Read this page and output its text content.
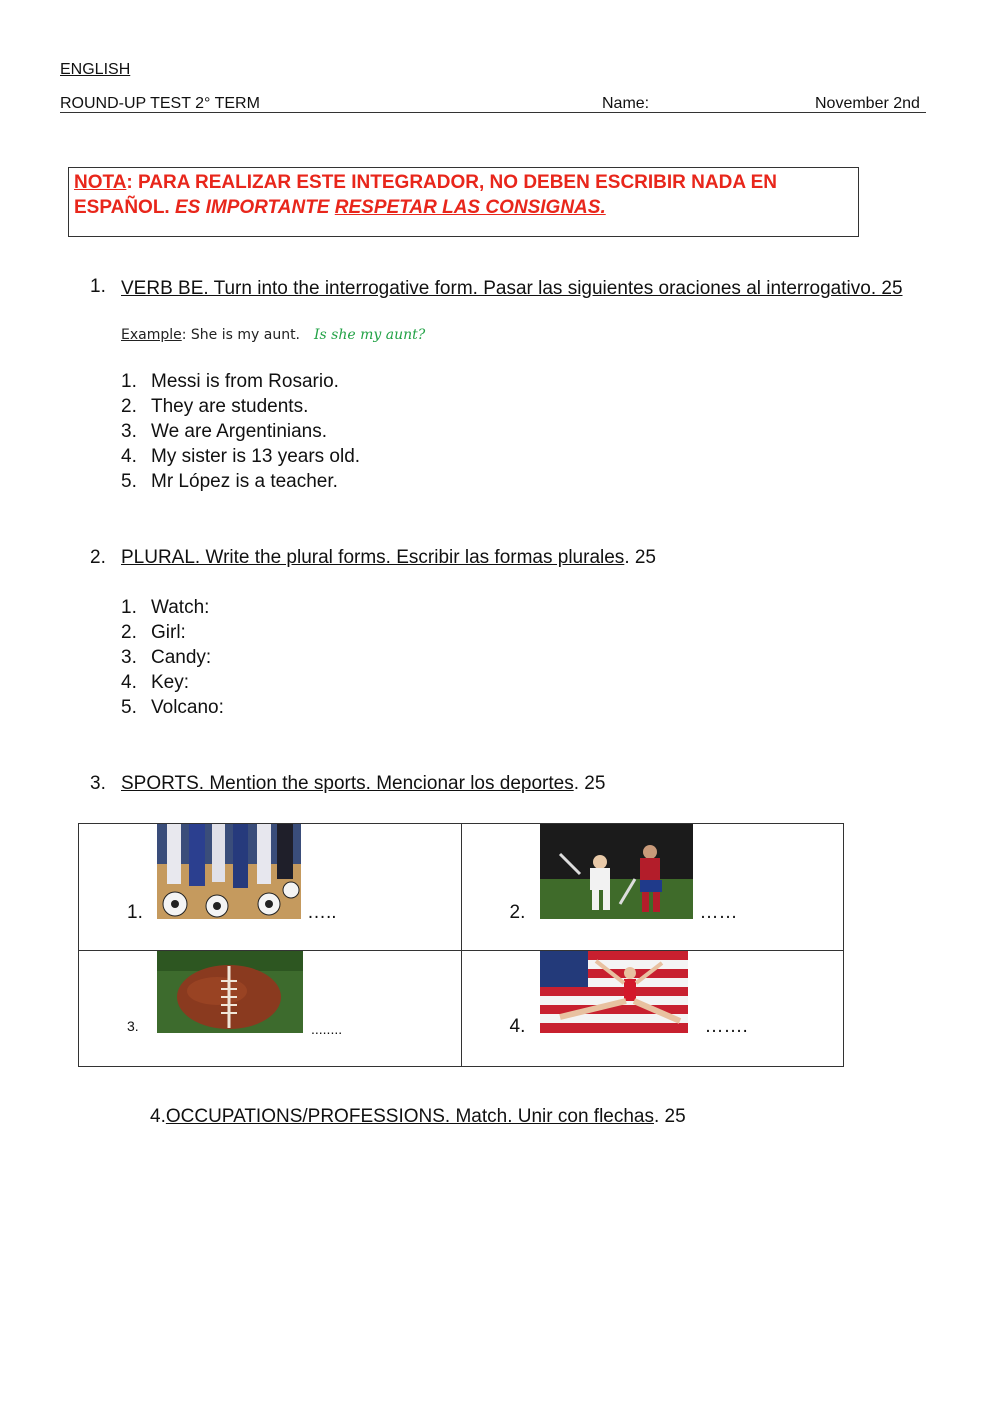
ENGLISH
ROUND-UP TEST 2° TERM	Name:	November 2nd
NOTA: PARA REALIZAR ESTE INTEGRADOR, NO DEBEN ESCRIBIR NADA EN ESPAÑOL. ES IMPORTANTE RESPETAR LAS CONSIGNAS.
1. VERB BE. Turn into the interrogative form. Pasar las siguientes oraciones al interrogativo. 25
Example: She is my aunt. Is she my aunt?
1. Messi is from Rosario.
2. They are students.
3. We are Argentinians.
4. My sister is 13 years old.
5. Mr López is a teacher.
2. PLURAL. Write the plural forms. Escribir las formas plurales. 25
1. Watch:
2. Girl:
3. Candy:
4. Key:
5. Volcano:
3. SPORTS. Mention the sports. Mencionar los deportes. 25
1. …..	2. ……

3. ........	4. …….
4.OCCUPATIONS/PROFESSIONS. Match. Unir con flechas. 25
